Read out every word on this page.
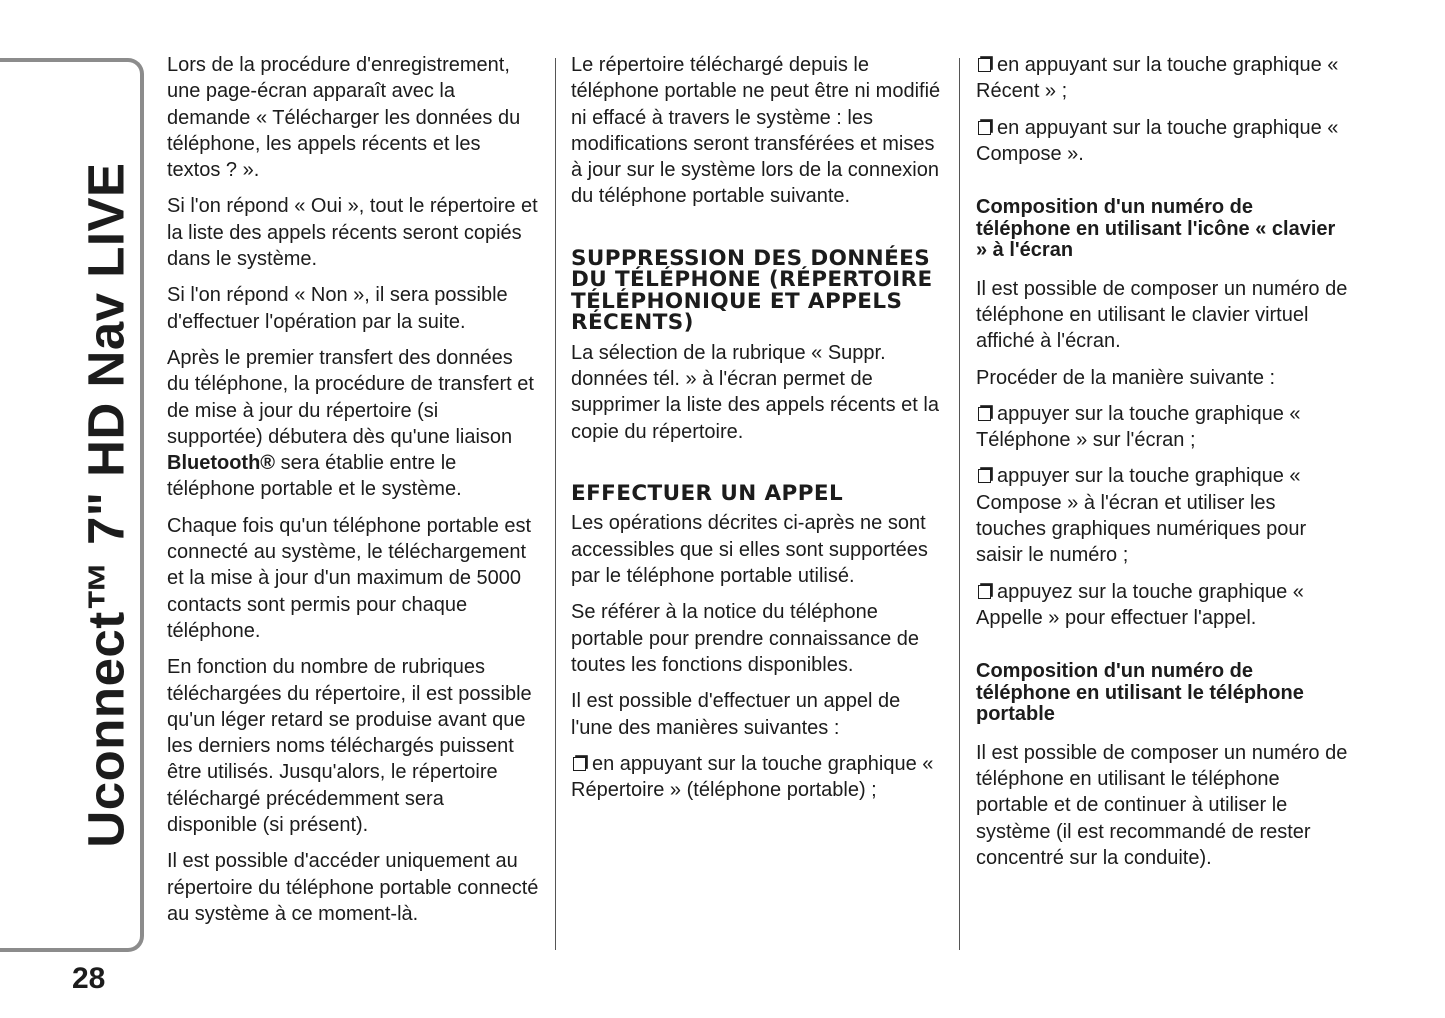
Uconnect™ 7" HD Nav LIVE
28

Lors de la procédure d'enregistrement, une page-écran apparaît avec la demande « Télécharger les données du téléphone, les appels récents et les textos ? ».

Si l'on répond « Oui », tout le répertoire et la liste des appels récents seront copiés dans le système.

Si l'on répond « Non », il sera possible d'effectuer l'opération par la suite.

Après le premier transfert des données du téléphone, la procédure de transfert et de mise à jour du répertoire (si supportée) débutera dès qu'une liaison Bluetooth® sera établie entre le téléphone portable et le système.

Chaque fois qu'un téléphone portable est connecté au système, le téléchargement et la mise à jour d'un maximum de 5000 contacts sont permis pour chaque téléphone.

En fonction du nombre de rubriques téléchargées du répertoire, il est possible qu'un léger retard se produise avant que les derniers noms téléchargés puissent être utilisés. Jusqu'alors, le répertoire téléchargé précédemment sera disponible (si présent).

Il est possible d'accéder uniquement au répertoire du téléphone portable connecté au système à ce moment-là.

Le répertoire téléchargé depuis le téléphone portable ne peut être ni modifié ni effacé à travers le système : les modifications seront transférées et mises à jour sur le système lors de la connexion du téléphone portable suivante.

SUPPRESSION DES DONNÉES DU TÉLÉPHONE (RÉPERTOIRE TÉLÉPHONIQUE ET APPELS RÉCENTS)

La sélection de la rubrique « Suppr. données tél. » à l'écran permet de supprimer la liste des appels récents et la copie du répertoire.

EFFECTUER UN APPEL

Les opérations décrites ci-après ne sont accessibles que si elles sont supportées par le téléphone portable utilisé.

Se référer à la notice du téléphone portable pour prendre connaissance de toutes les fonctions disponibles.

Il est possible d'effectuer un appel de l'une des manières suivantes :

en appuyant sur la touche graphique « Répertoire » (téléphone portable) ;

en appuyant sur la touche graphique « Récent » ;

en appuyant sur la touche graphique « Compose ».

Composition d'un numéro de téléphone en utilisant l'icône « clavier » à l'écran

Il est possible de composer un numéro de téléphone en utilisant le clavier virtuel affiché à l'écran.

Procéder de la manière suivante :

appuyer sur la touche graphique « Téléphone » sur l'écran ;

appuyer sur la touche graphique « Compose » à l'écran et utiliser les touches graphiques numériques pour saisir le numéro ;

appuyez sur la touche graphique « Appelle » pour effectuer l'appel.

Composition d'un numéro de téléphone en utilisant le téléphone portable

Il est possible de composer un numéro de téléphone en utilisant le téléphone portable et de continuer à utiliser le système (il est recommandé de rester concentré sur la conduite).
